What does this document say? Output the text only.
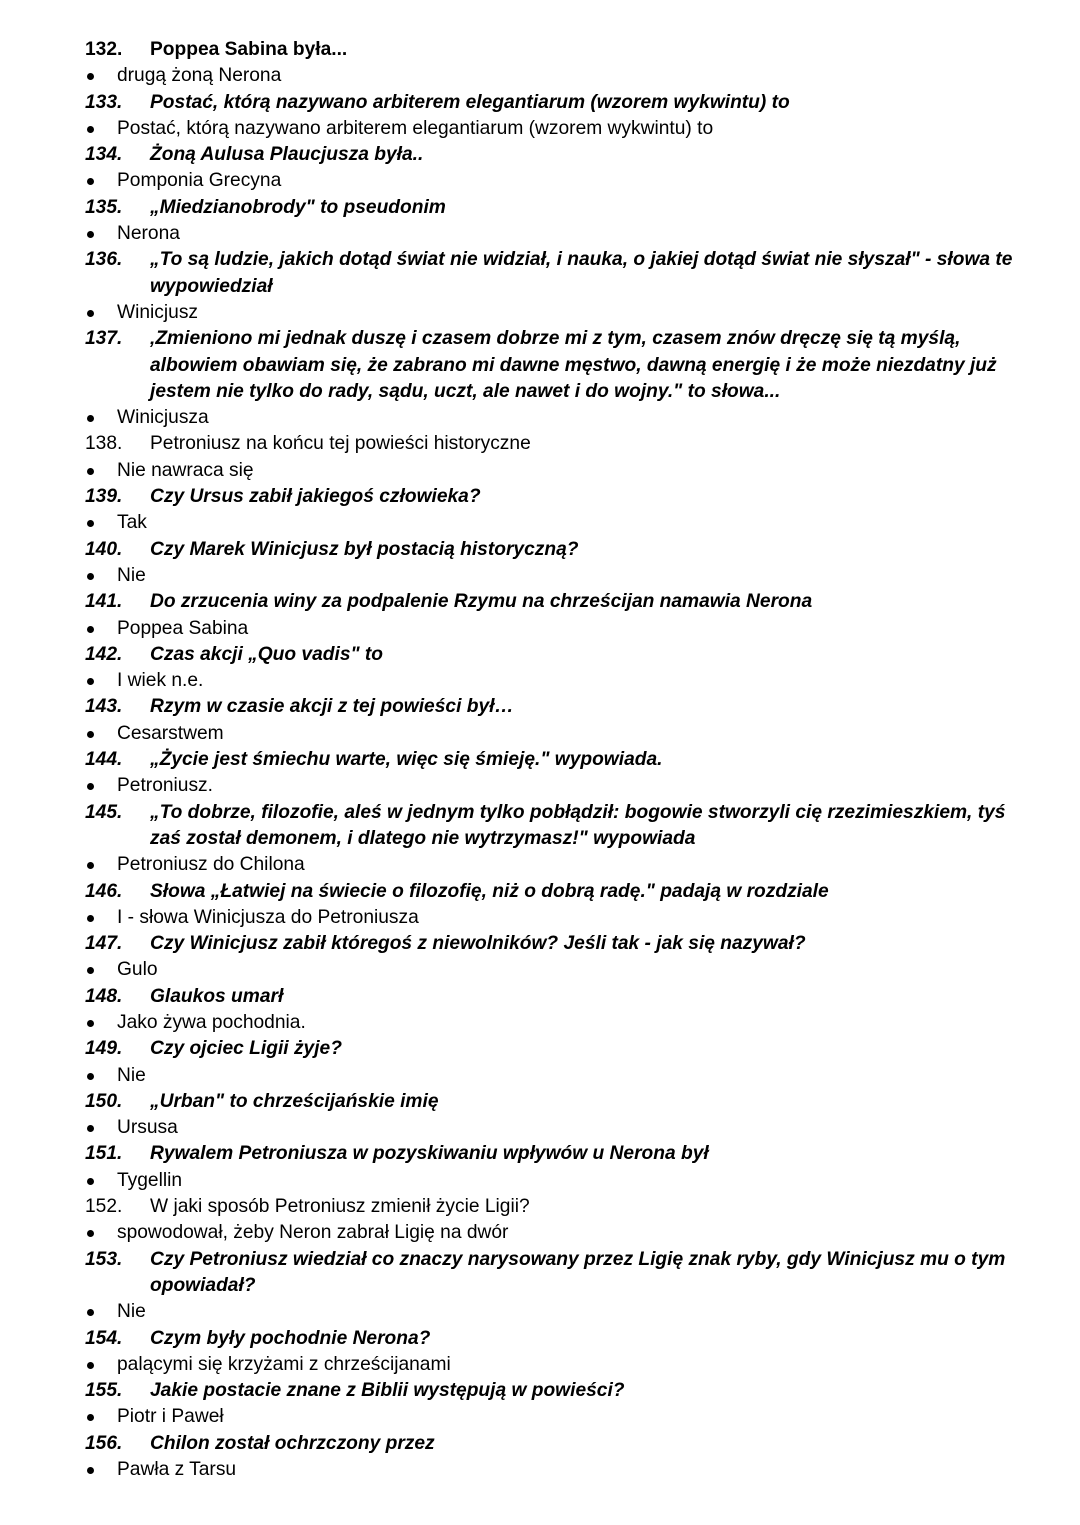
132.	Poppea Sabina była...
drugą żoną Nerona
133.	Postać, którą nazywano arbiterem elegantiarum (wzorem wykwintu) to
Postać, którą nazywano arbiterem elegantiarum (wzorem wykwintu) to
134.	Żoną Aulusa Plaucjusza była..
Pomponia Grecyna
135.	„Miedzianobrody" to pseudonim
Nerona
136.	„To są ludzie, jakich dotąd świat nie widział, i nauka, o jakiej dotąd świat nie słyszał" - słowa te wypowiedział
Winicjusz
137.	‚Zmieniono mi jednak duszę i czasem dobrze mi z tym, czasem znów dręczę się tą myślą, albowiem obawiam się, że zabrano mi dawne męstwo, dawną energię i że może niezdatny już jestem nie tylko do rady, sądu, uczt, ale nawet i do wojny." to słowa...
Winicjusza
138.	Petroniusz na końcu tej powieści historyczne
Nie nawraca się
139.	Czy Ursus zabił jakiegoś człowieka?
Tak
140.	Czy Marek Winicjusz był postacią historyczną?
Nie
141.	Do zrzucenia winy za podpalenie Rzymu na chrześcijan namawia Nerona
Poppea Sabina
142.	Czas akcji „Quo vadis" to
I wiek n.e.
143.	Rzym w czasie akcji z tej powieści był…
Cesarstwem
144.	„Życie jest śmiechu warte, więc się śmieję." wypowiada.
Petroniusz.
145.	„To dobrze, filozofie, aleś w jednym tylko pobłądził: bogowie stworzyli cię rzezimieszkiem, tyś zaś został demonem, i dlatego nie wytrzymasz!" wypowiada
Petroniusz do Chilona
146.	Słowa „Łatwiej na świecie o filozofię, niż o dobrą radę." padają w rozdziale
I - słowa Winicjusza do Petroniusza
147.	Czy Winicjusz zabił któregoś z niewolników? Jeśli tak - jak się nazywał?
Gulo
148.	Glaukos umarł
Jako żywa pochodnia.
149.	Czy ojciec Ligii żyje?
Nie
150.	„Urban" to chrześcijańskie imię
Ursusa
151.	Rywalem Petroniusza w pozyskiwaniu wpływów u Nerona był
Tygellin
152.	W jaki sposób Petroniusz zmienił życie Ligii?
spowodował, żeby Neron zabrał Ligię na dwór
153.	Czy Petroniusz wiedział co znaczy narysowany przez Ligię znak ryby, gdy Winicjusz mu o tym opowiadał?
Nie
154.	Czym były pochodnie Nerona?
palącymi się krzyżami z chrześcijanami
155.	Jakie postacie znane z Biblii występują w powieści?
Piotr i Paweł
156.	Chilon został ochrzczony przez
Pawła z Tarsu
